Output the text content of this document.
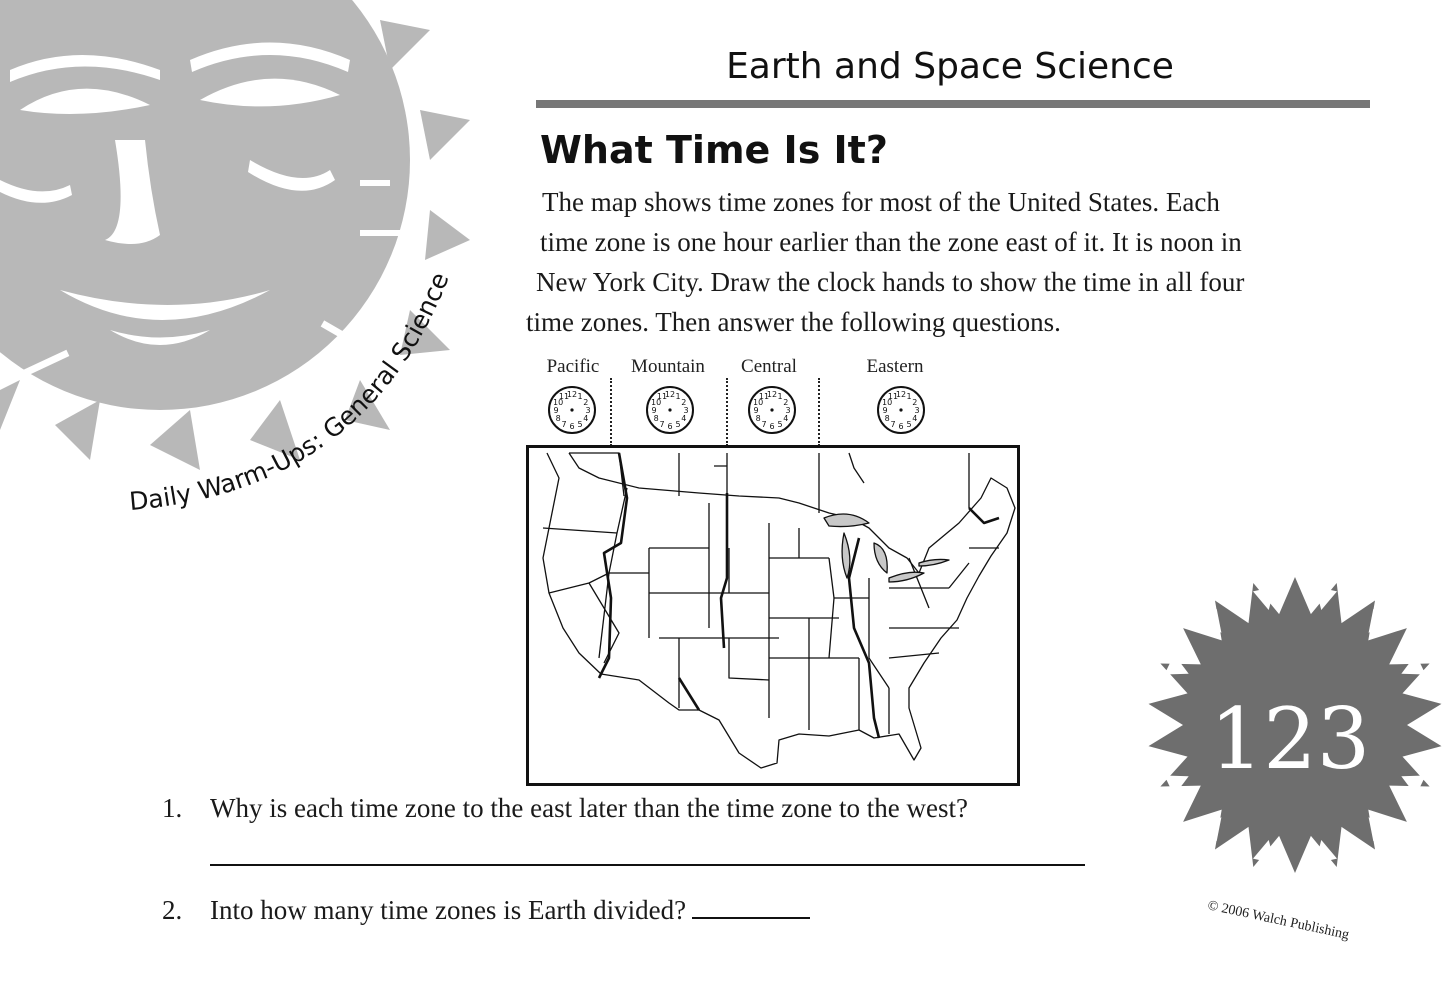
Daily Warm-Ups: General Science
Earth and Space Science
What Time Is It?
The map shows time zones for most of the United States. Each
time zone is one hour earlier than the zone east of it. It is noon in
New York City. Draw the clock hands to show the time in all four
time zones. Then answer the following questions.
Pacific	Mountain	Central	Eastern
12 1
2
3
4
5
6
7
8
9
10
11	12 1
2
3
4
5
6
7
8
9
10
11	12 1
2
3
4
5
6
7
8
9
10
11	12 1
2
3
4
5
6
7
8
9
10
11
1. Why is each time zone to the east later than the time zone to the west?
2. Into how many time zones is Earth divided?
123
© 2006 Walch Publishing
